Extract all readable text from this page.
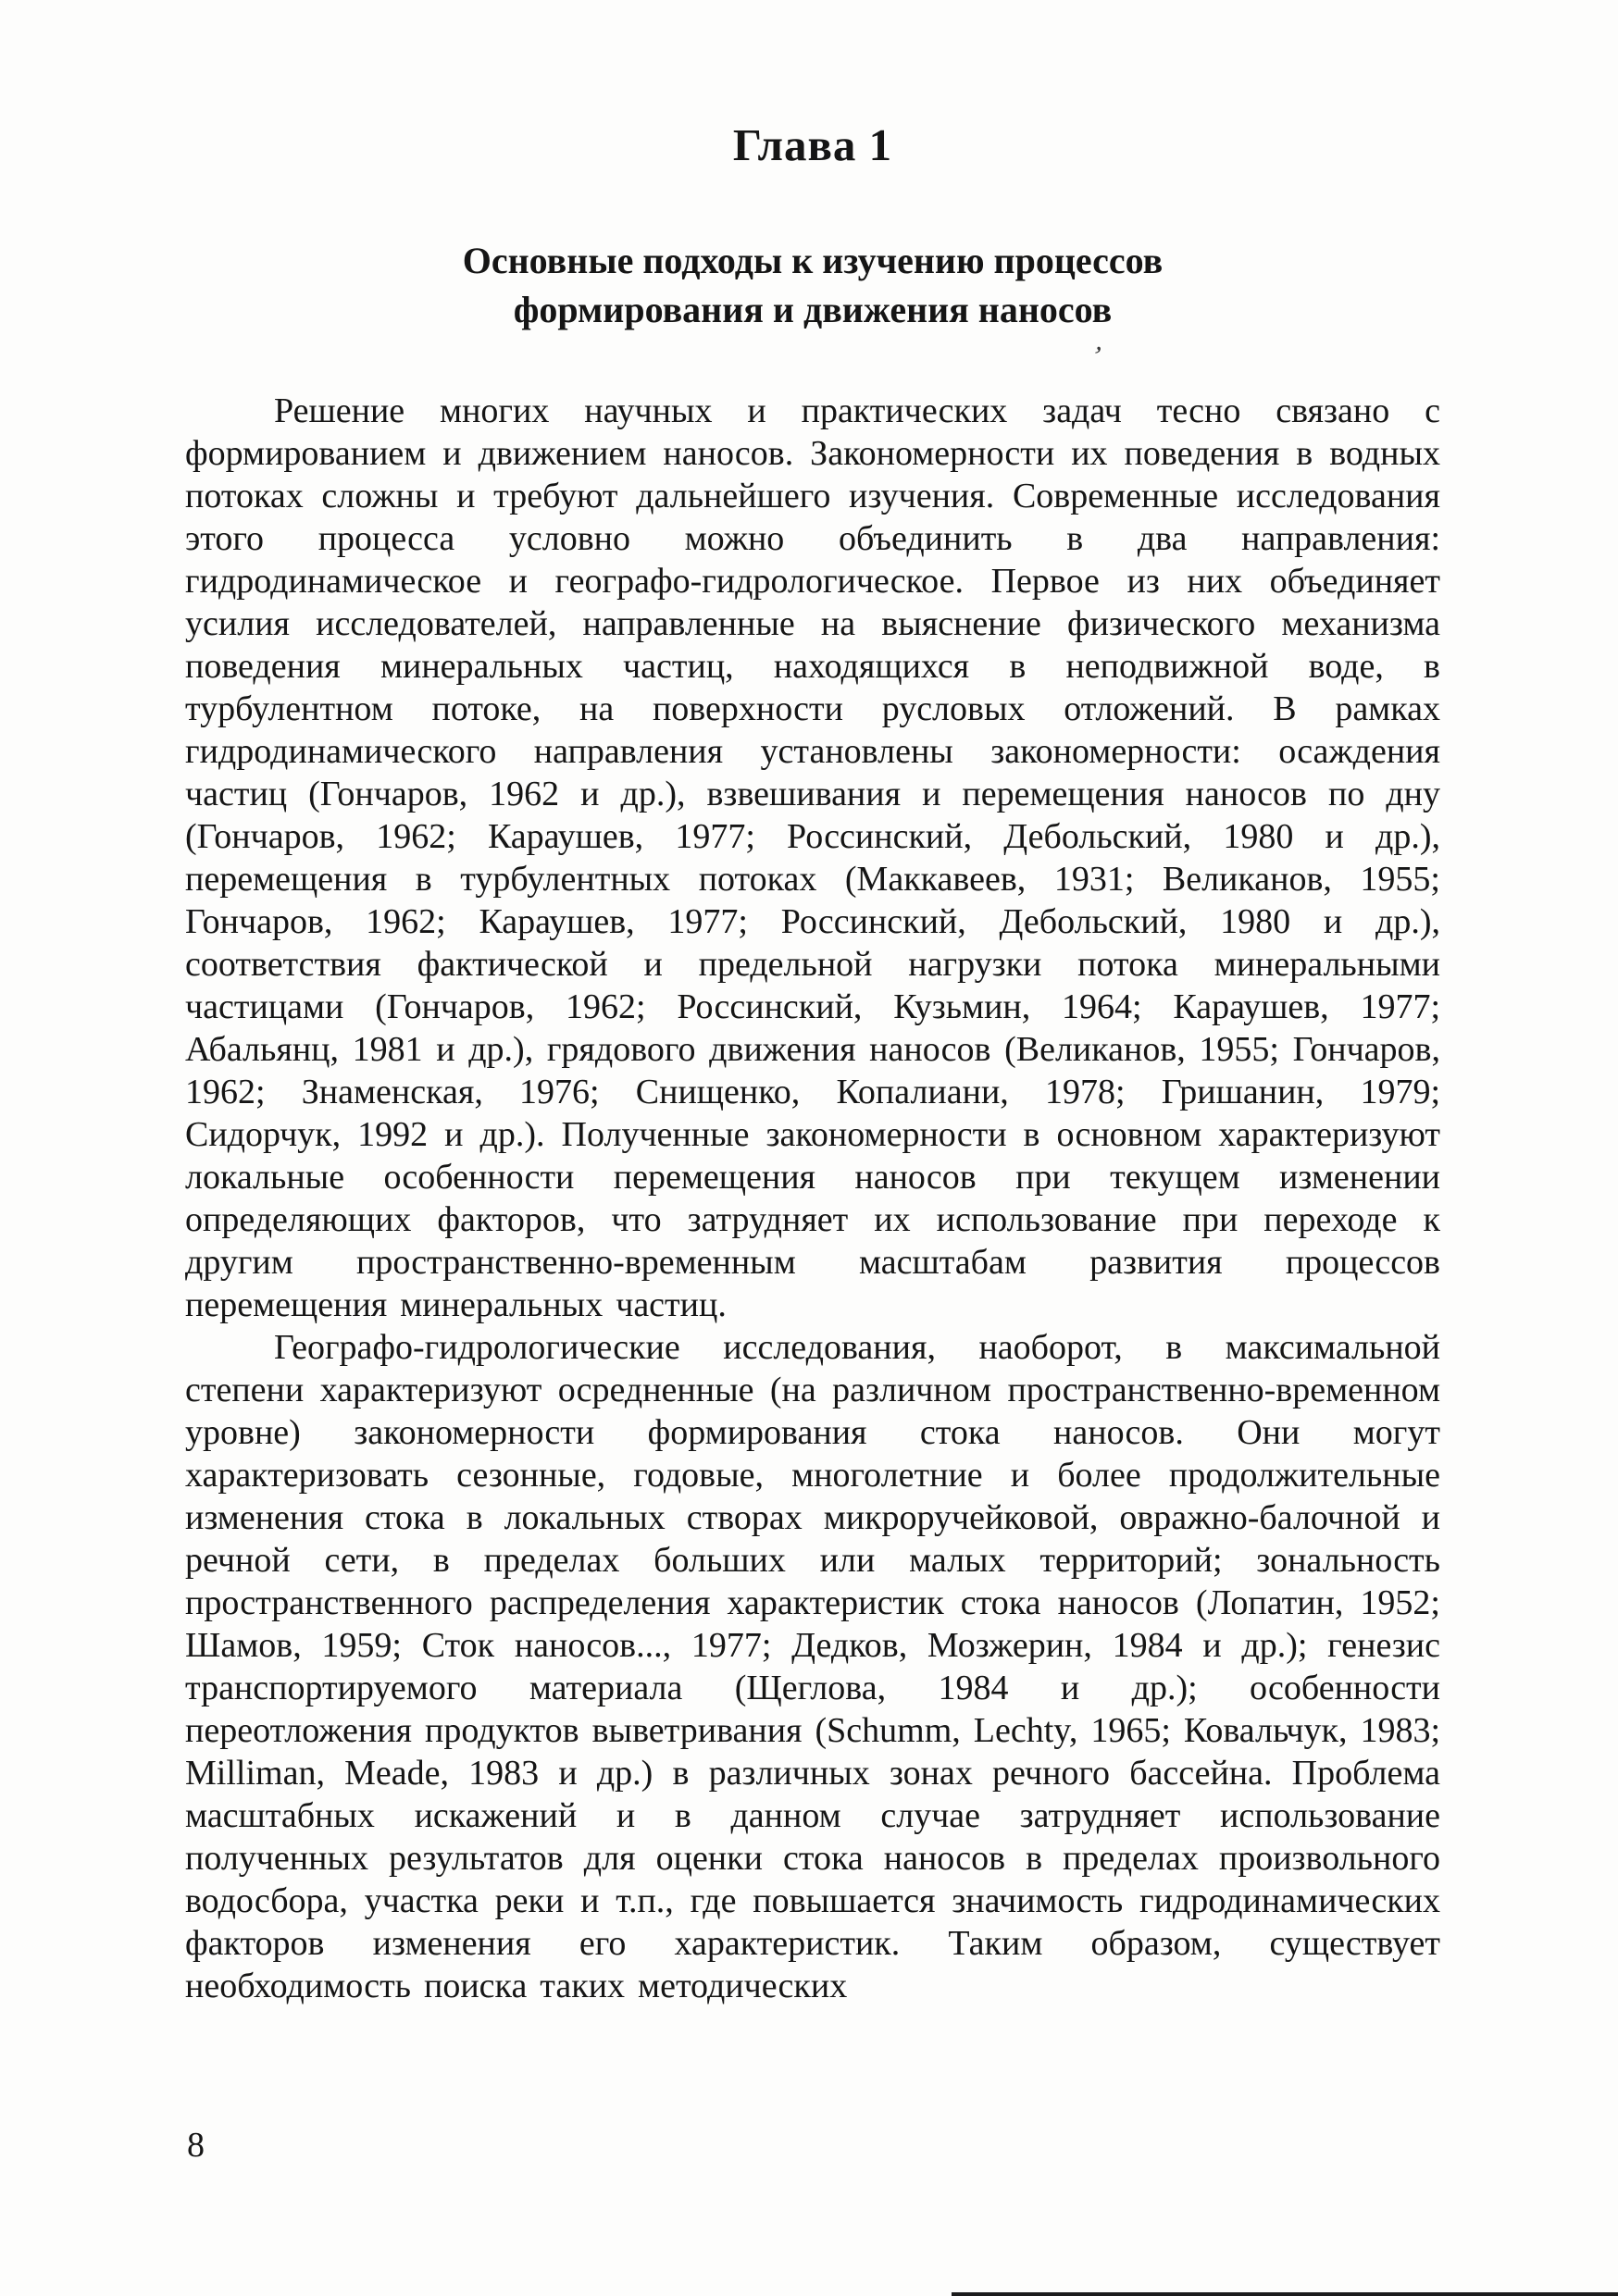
Глава 1
Основные подходы к изучению процессов
формирования и движения наносов

Решение многих научных и практических задач тесно связано с формированием и движением наносов. Закономерности их поведения в водных потоках сложны и требуют дальнейшего изучения. Современные исследования этого процесса условно можно объединить в два направления: гидродинамическое и географо-гидрологическое. Первое из них объединяет усилия исследователей, направленные на выяснение физического механизма поведения минеральных частиц, находящихся в неподвижной воде, в турбулентном потоке, на поверхности русловых отложений. В рамках гидродинамического направления установлены закономерности: осаждения частиц (Гончаров, 1962 и др.), взвешивания и перемещения наносов по дну (Гончаров, 1962; Караушев, 1977; Россинский, Дебольский, 1980 и др.), перемещения в турбулентных потоках (Маккавеев, 1931; Великанов, 1955; Гончаров, 1962; Караушев, 1977; Россинский, Дебольский, 1980 и др.), соответствия фактической и предельной нагрузки потока минеральными частицами (Гончаров, 1962; Россинский, Кузьмин, 1964; Караушев, 1977; Абальянц, 1981 и др.), грядового движения наносов (Великанов, 1955; Гончаров, 1962; Знаменская, 1976; Снищенко, Копалиани, 1978; Гришанин, 1979; Сидорчук, 1992 и др.). Полученные закономерности в основном характеризуют локальные особенности перемещения наносов при текущем изменении определяющих факторов, что затрудняет их использование при переходе к другим пространственно-временным масштабам развития процессов перемещения минеральных частиц.

Географо-гидрологические исследования, наоборот, в максимальной степени характеризуют осредненные (на различном пространственно-временном уровне) закономерности формирования стока наносов. Они могут характеризовать сезонные, годовые, многолетние и более продолжительные изменения стока в локальных створах микроручейковой, овражно-балочной и речной сети, в пределах больших или малых территорий; зональность пространственного распределения характеристик стока наносов (Лопатин, 1952; Шамов, 1959; Сток наносов..., 1977; Дедков, Мозжерин, 1984 и др.); генезис транспортируемого материала (Щеглова, 1984 и др.); особенности переотложения продуктов выветривания (Schumm, Lechty, 1965; Ковальчук, 1983; Milliman, Meade, 1983 и др.) в различных зонах речного бассейна. Проблема масштабных искажений и в данном случае затрудняет использование полученных результатов для оценки стока наносов в пределах произвольного водосбора, участка реки и т.п., где повышается значимость гидродинамических факторов изменения его характеристик. Таким образом, существует необходимость поиска таких методических

,
8
